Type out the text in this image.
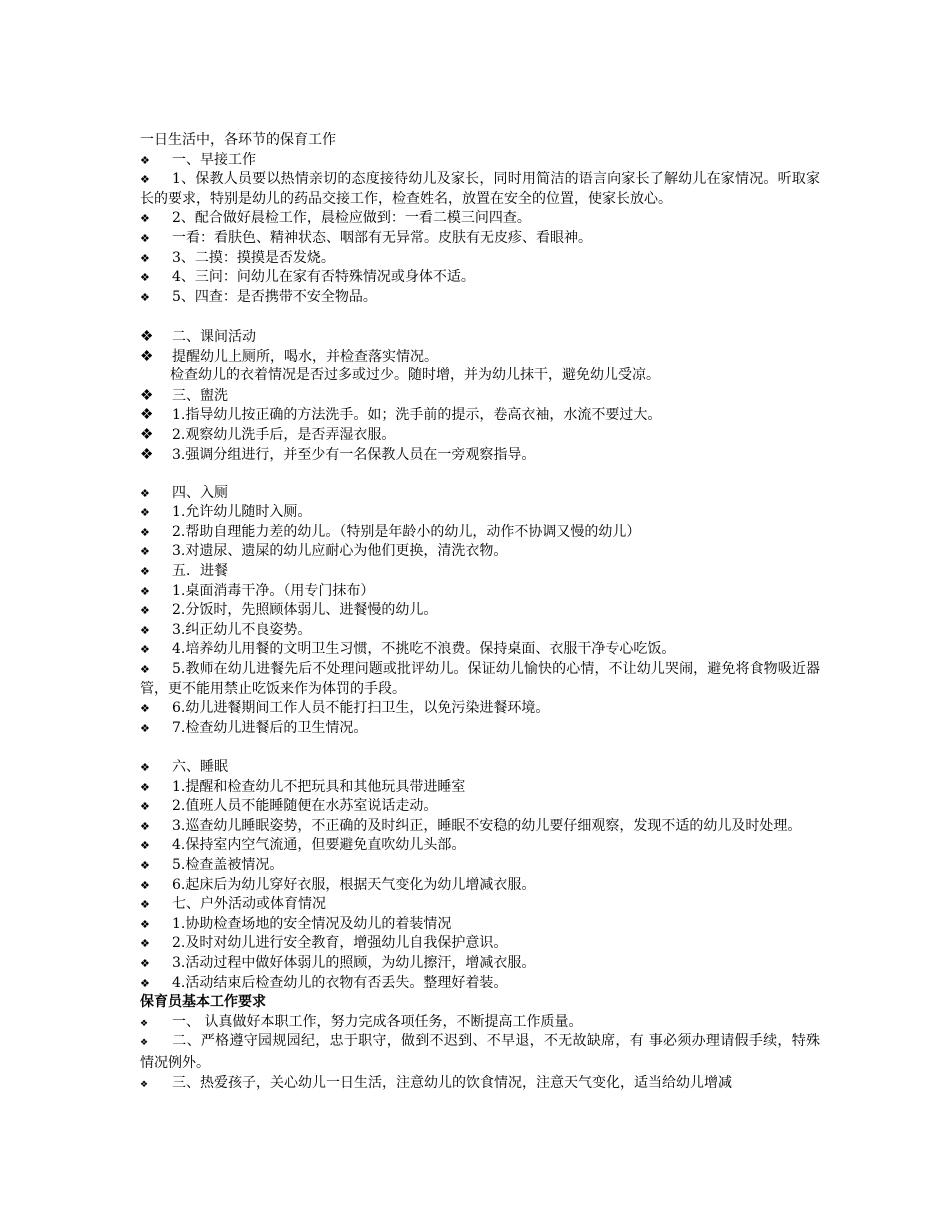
一日生活中，各环节的保育工作
❖ 一、早接工作
❖ 1、保教人员要以热情亲切的态度接待幼儿及家长，同时用简洁的语言向家长了解幼儿在家情况。听取家长的要求，特别是幼儿的药品交接工作，检查姓名，放置在安全的位置，使家长放心。
❖ 2、配合做好晨检工作，晨检应做到：一看二模三问四查。
❖ 一看：看肤色、精神状态、咽部有无异常。皮肤有无皮疹、看眼神。
❖ 3、二摸：摸摸是否发烧。
❖ 4、三问：问幼儿在家有否特殊情况或身体不适。
❖ 5、四查：是否携带不安全物品。
❖ 二、课间活动
❖ 提醒幼儿上厕所，喝水，并检查落实情况。
检查幼儿的衣着情况是否过多或过少。随时增，并为幼儿抹干，避免幼儿受凉。
❖ 三、盥洗
❖ 1.指导幼儿按正确的方法洗手。如；洗手前的提示，卷高衣袖，水流不要过大。
❖ 2.观察幼儿洗手后，是否弄湿衣服。
❖ 3.强调分组进行，并至少有一名保教人员在一旁观察指导。
❖ 四、入厕
❖ 1.允许幼儿随时入厕。
❖ 2.帮助自理能力差的幼儿。（特别是年龄小的幼儿，动作不协调又慢的幼儿）
❖ 3.对遗尿、遗屎的幼儿应耐心为他们更换，清洗衣物。
❖ 五．进餐
❖ 1.桌面消毒干净。（用专门抹布）
❖ 2.分饭时，先照顾体弱儿、进餐慢的幼儿。
❖ 3.纠正幼儿不良姿势。
❖ 4.培养幼儿用餐的文明卫生习惯，不挑吃不浪费。保持桌面、衣服干净专心吃饭。
❖ 5.教师在幼儿进餐先后不处理问题或批评幼儿。保证幼儿愉快的心情，不让幼儿哭闹，避免将食物吸近器管，更不能用禁止吃饭来作为体罚的手段。
❖ 6.幼儿进餐期间工作人员不能打扫卫生，以免污染进餐环境。
❖ 7.检查幼儿进餐后的卫生情况。
❖ 六、睡眠
❖ 1.提醒和检查幼儿不把玩具和其他玩具带进睡室
❖ 2.值班人员不能睡随便在水苏室说话走动。
❖ 3.巡查幼儿睡眠姿势，不正确的及时纠正，睡眠不安稳的幼儿要仔细观察，发现不适的幼儿及时处理。
❖ 4.保持室内空气流通，但要避免直吹幼儿头部。
❖ 5.检查盖被情况。
❖ 6.起床后为幼儿穿好衣服，根据天气变化为幼儿增减衣服。
❖ 七、户外活动或体育情况
❖ 1.协助检查场地的安全情况及幼儿的着装情况
❖ 2.及时对幼儿进行安全教育，增强幼儿自我保护意识。
❖ 3.活动过程中做好体弱儿的照顾，为幼儿擦汗，增减衣服。
❖ 4.活动结束后检查幼儿的衣物有否丢失。整理好着装。
保育员基本工作要求
❖ 一、 认真做好本职工作，努力完成各项任务，不断提高工作质量。
❖ 二、严格遵守园规园纪，忠于职守，做到不迟到、不早退，不无故缺席，有 事必须办理请假手续，特殊情况例外。
❖ 三、热爱孩子，关心幼儿一日生活，注意幼儿的饮食情况，注意天气变化，适当给幼儿增减
